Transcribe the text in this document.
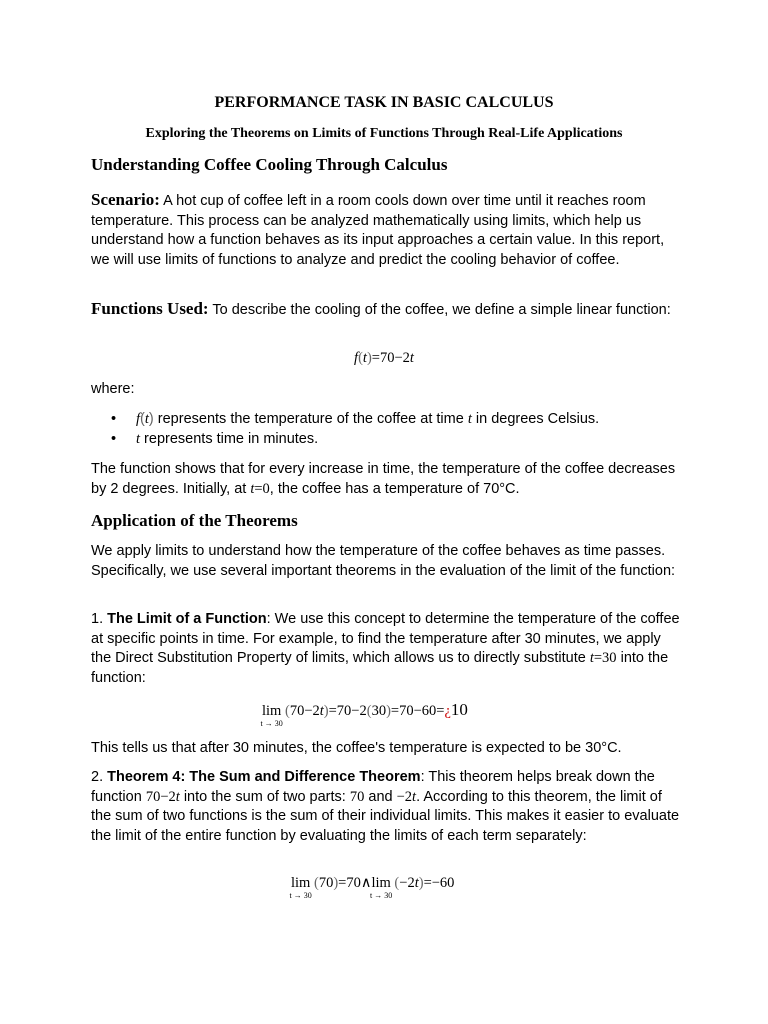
PERFORMANCE TASK IN BASIC CALCULUS
Exploring the Theorems on Limits of Functions Through Real-Life Applications
Understanding Coffee Cooling Through Calculus
Scenario: A hot cup of coffee left in a room cools down over time until it reaches room temperature. This process can be analyzed mathematically using limits, which help us understand how a function behaves as its input approaches a certain value. In this report, we will use limits of functions to analyze and predict the cooling behavior of coffee.
Functions Used: To describe the cooling of the coffee, we define a simple linear function:
f(t)=70−2t
where:
• f(t) represents the temperature of the coffee at time t in degrees Celsius.
• t represents time in minutes.
The function shows that for every increase in time, the temperature of the coffee decreases by 2 degrees. Initially, at t=0, the coffee has a temperature of 70°C.
Application of the Theorems
We apply limits to understand how the temperature of the coffee behaves as time passes. Specifically, we use several important theorems in the evaluation of the limit of the function:
1. The Limit of a Function: We use this concept to determine the temperature of the coffee at specific points in time. For example, to find the temperature after 30 minutes, we apply the Direct Substitution Property of limits, which allows us to directly substitute t=30 into the function:
lim
t → 30
(70−2t)=70−2(30)=70−60=¿10
This tells us that after 30 minutes, the coffee's temperature is expected to be 30°C.
2. Theorem 4: The Sum and Difference Theorem: This theorem helps break down the function 70−2t into the sum of two parts: 70 and −2t. According to this theorem, the limit of the sum of two functions is the sum of their individual limits. This makes it easier to evaluate the limit of the entire function by evaluating the limits of each term separately:
lim
t → 30
(70)=70∧lim
t → 30
(−2t)=−60
